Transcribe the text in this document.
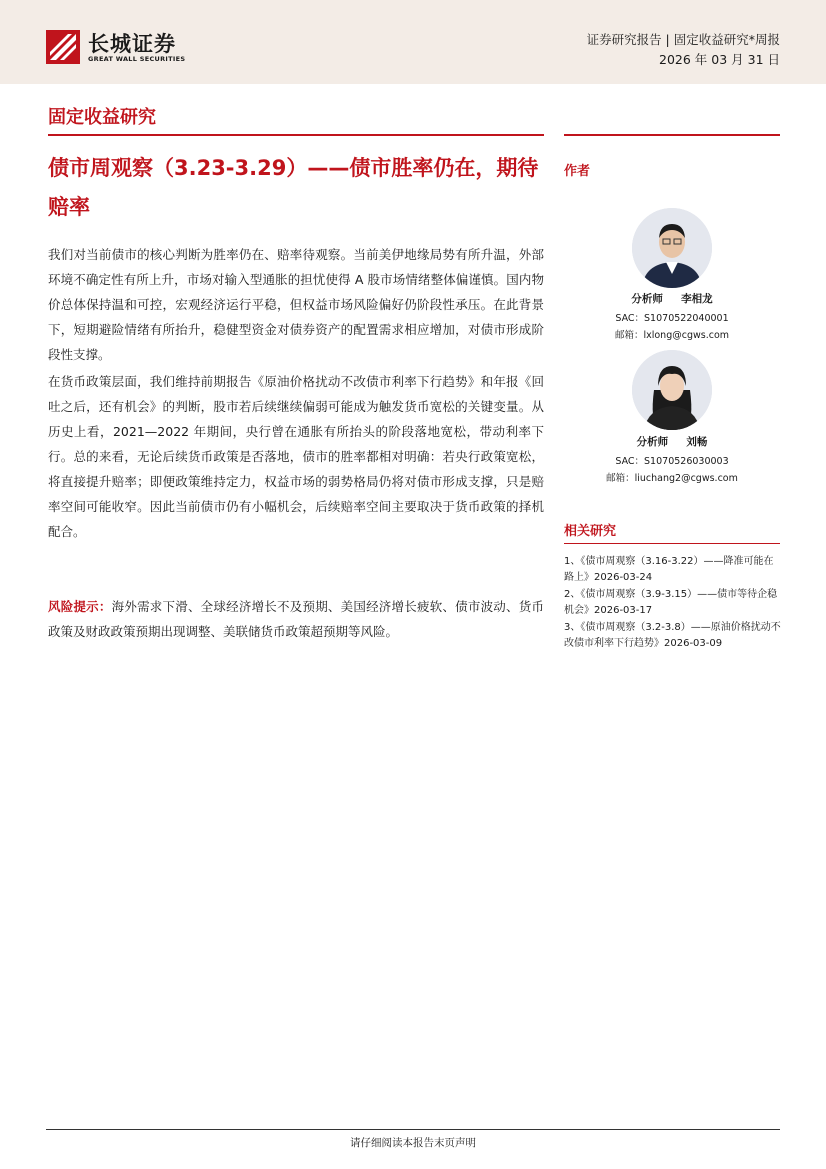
长城证券
GREAT WALL SECURITIES
证券研究报告 | 固定收益研究*周报
2026 年 03 月 31 日
固定收益研究
债市周观察（3.23-3.29）——债市胜率仍在，期待赔率
我们对当前债市的核心判断为胜率仍在、赔率待观察。当前美伊地缘局势有所升温，外部环境不确定性有所上升，市场对输入型通胀的担忧使得 A 股市场情绪整体偏谨慎。国内物价总体保持温和可控，宏观经济运行平稳，但权益市场风险偏好仍阶段性承压。在此背景下，短期避险情绪有所抬升，稳健型资金对债券资产的配置需求相应增加，对债市形成阶段性支撑。
在货币政策层面，我们维持前期报告《原油价格扰动不改债市利率下行趋势》和年报《回吐之后，还有机会》的判断，股市若后续继续偏弱可能成为触发货币宽松的关键变量。从历史上看，2021—2022 年期间，央行曾在通胀有所抬头的阶段落地宽松，带动利率下行。总的来看，无论后续货币政策是否落地，债市的胜率都相对明确：若央行政策宽松，将直接提升赔率；即便政策维持定力，权益市场的弱势格局仍将对债市形成支撑，只是赔率空间可能收窄。因此当前债市仍有小幅机会，后续赔率空间主要取决于货币政策的择机配合。
风险提示：海外需求下滑、全球经济增长不及预期、美国经济增长疲软、债市波动、货币政策及财政政策预期出现调整、美联储货币政策超预期等风险。
作者
分析师 李相龙
SAC：S1070522040001
邮箱：lxlong@cgws.com
分析师 刘畅
SAC：S1070526030003
邮箱：liuchang2@cgws.com
相关研究
1、《债市周观察（3.16-3.22）——降准可能在路上》2026-03-24
2、《债市周观察（3.9-3.15）——债市等待企稳机会》2026-03-17
3、《债市周观察（3.2-3.8）——原油价格扰动不改债市利率下行趋势》2026-03-09
请仔细阅读本报告末页声明
